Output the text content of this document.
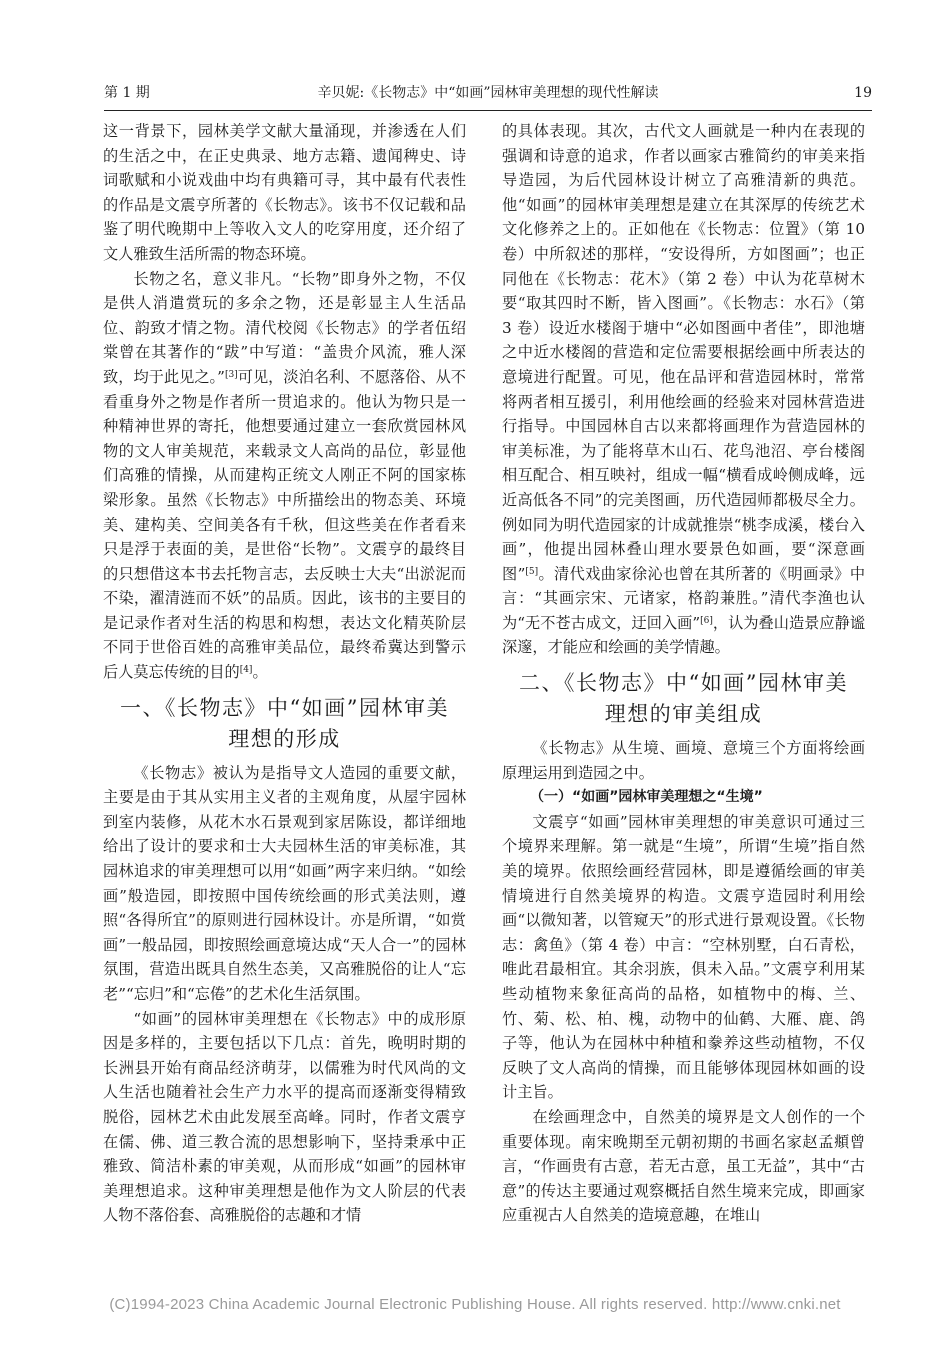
第 1 期	辛贝妮:《长物志》中“如画”园林审美理想的现代性解读	19

这一背景下，园林美学文献大量涌现，并渗透在人们的生活之中，在正史典录、地方志籍、遗闻稗史、诗词歌赋和小说戏曲中均有典籍可寻，其中最有代表性的作品是文震亨所著的《长物志》。该书不仅记载和品鉴了明代晚期中上等收入文人的吃穿用度，还介绍了文人雅致生活所需的物态环境。

长物之名，意义非凡。“长物”即身外之物，不仅是供人消遣赏玩的多余之物，还是彰显主人生活品位、韵致才情之物。清代校阅《长物志》的学者伍绍棠曾在其著作的“跋”中写道：“盖贵介风流，雅人深致，均于此见之。”[3]可见，淡泊名利、不愿落俗、从不看重身外之物是作者所一贯追求的。他认为物只是一种精神世界的寄托，他想要通过建立一套欣赏园林风物的文人审美规范，来载录文人高尚的品位，彰显他们高雅的情操，从而建构正统文人刚正不阿的国家栋梁形象。虽然《长物志》中所描绘出的物态美、环境美、建构美、空间美各有千秋，但这些美在作者看来只是浮于表面的美，是世俗“长物”。文震亨的最终目的只想借这本书去托物言志，去反映士大夫“出淤泥而不染，濯清涟而不妖”的品质。因此，该书的主要目的是记录作者对生活的构思和构想，表达文化精英阶层不同于世俗百姓的高雅审美品位，最终希冀达到警示后人莫忘传统的目的[4]。

一、《长物志》中“如画”园林审美
理想的形成

《长物志》被认为是指导文人造园的重要文献，主要是由于其从实用主义者的主观角度，从屋宇园林到室内装修，从花木水石景观到家居陈设，都详细地给出了设计的要求和士大夫园林生活的审美标准，其园林追求的审美理想可以用“如画”两字来归纳。“如绘画”般造园，即按照中国传统绘画的形式美法则，遵照“各得所宜”的原则进行园林设计。亦是所谓，“如赏画”一般品园，即按照绘画意境达成“天人合一”的园林氛围，营造出既具自然生态美，又高雅脱俗的让人“忘老”“忘归”和“忘倦”的艺术化生活氛围。

“如画”的园林审美理想在《长物志》中的成形原因是多样的，主要包括以下几点：首先，晚明时期的长洲县开始有商品经济萌芽，以儒雅为时代风尚的文人生活也随着社会生产力水平的提高而逐渐变得精致脱俗，园林艺术由此发展至高峰。同时，作者文震亨在儒、佛、道三教合流的思想影响下，坚持秉承中正雅致、简洁朴素的审美观，从而形成“如画”的园林审美理想追求。这种审美理想是他作为文人阶层的代表人物不落俗套、高雅脱俗的志趣和才情

的具体表现。其次，古代文人画就是一种内在表现的强调和诗意的追求，作者以画家古雅简约的审美来指导造园，为后代园林设计树立了高雅清新的典范。他“如画”的园林审美理想是建立在其深厚的传统艺术文化修养之上的。正如他在《长物志：位置》（第 10 卷）中所叙述的那样，“安设得所，方如图画”；也正同他在《长物志：花木》（第 2 卷）中认为花草树木要“取其四时不断，皆入图画”。《长物志：水石》（第 3 卷）设近水楼阁于塘中“必如图画中者佳”，即池塘之中近水楼阁的营造和定位需要根据绘画中所表达的意境进行配置。可见，他在品评和营造园林时，常常将两者相互援引，利用他绘画的经验来对园林营造进行指导。中国园林自古以来都将画理作为营造园林的审美标准，为了能将草木山石、花鸟池沼、亭台楼阁相互配合、相互映衬，组成一幅“横看成岭侧成峰，远近高低各不同”的完美图画，历代造园师都极尽全力。例如同为明代造园家的计成就推崇“桃李成溪，楼台入画”，他提出园林叠山理水要景色如画，要“深意画图”[5]。清代戏曲家徐沁也曾在其所著的《明画录》中言：“其画宗宋、元诸家，格韵兼胜。”清代李渔也认为“无不苍古成文，迂回入画”[6]，认为叠山造景应静谧深邃，才能应和绘画的美学情趣。

二、《长物志》中“如画”园林审美
理想的审美组成

《长物志》从生境、画境、意境三个方面将绘画原理运用到造园之中。

（一）“如画”园林审美理想之“生境”

文震亨“如画”园林审美理想的审美意识可通过三个境界来理解。第一就是“生境”，所谓“生境”指自然美的境界。依照绘画经营园林，即是遵循绘画的审美情境进行自然美境界的构造。文震亨造园时利用绘画“以微知著，以管窥天”的形式进行景观设置。《长物志：禽鱼》（第 4 卷）中言：“空林别墅，白石青松，唯此君最相宜。其余羽族，俱未入品。”文震亨利用某些动植物来象征高尚的品格，如植物中的梅、兰、竹、菊、松、柏、槐，动物中的仙鹤、大雁、鹿、鸽子等，他认为在园林中种植和豢养这些动植物，不仅反映了文人高尚的情操，而且能够体现园林如画的设计主旨。

在绘画理念中，自然美的境界是文人创作的一个重要体现。南宋晚期至元朝初期的书画名家赵孟頫曾言，“作画贵有古意，若无古意，虽工无益”，其中“古意”的传达主要通过观察概括自然生境来完成，即画家应重视古人自然美的造境意趣，在堆山

(C)1994-2023 China Academic Journal Electronic Publishing House. All rights reserved. http://www.cnki.net
